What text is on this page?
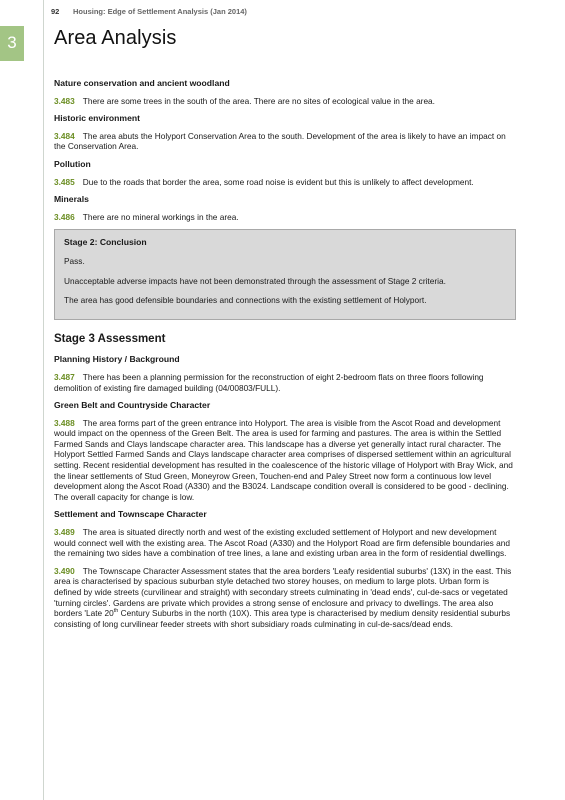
92 Housing: Edge of Settlement Analysis (Jan 2014)
3	Area Analysis
Nature conservation and ancient woodland

3.483 There are some trees in the south of the area. There are no sites of ecological value in the area.

Historic environment

3.484 The area abuts the Holyport Conservation Area to the south. Development of the area is likely to have an impact on the Conservation Area.

Pollution

3.485 Due to the roads that border the area, some road noise is evident but this is unlikely to affect development.

Minerals

3.486 There are no mineral workings in the area.

Stage 2: Conclusion

Pass.

Unacceptable adverse impacts have not been demonstrated through the assessment of Stage 2 criteria.

The area has good defensible boundaries and connections with the existing settlement of Holyport.

Stage 3 Assessment
Planning History / Background

3.487 There has been a planning permission for the reconstruction of eight 2-bedroom flats on three floors following demolition of existing fire damaged building (04/00803/FULL).

Green Belt and Countryside Character

3.488 The area forms part of the green entrance into Holyport. The area is visible from the Ascot Road and development would impact on the openness of the Green Belt. The area is used for farming and pastures. The area is within the Settled Farmed Sands and Clays landscape character area. This landscape has a diverse yet generally intact rural character. The Holyport Settled Farmed Sands and Clays landscape character area comprises of dispersed settlement within an agricultural setting. Recent residential development has resulted in the coalescence of the historic village of Holyport with Bray Wick, and the linear settlements of Stud Green, Moneyrow Green, Touchen-end and Paley Street now form a continuous low level development along the Ascot Road (A330) and the B3024. Landscape condition overall is considered to be good - declining. The overall capacity for change is low.

Settlement and Townscape Character

3.489 The area is situated directly north and west of the existing excluded settlement of Holyport and new development would connect well with the existing area. The Ascot Road (A330) and the Holyport Road are firm defensible boundaries and the remaining two sides have a combination of tree lines, a lane and existing urban area in the form of residential dwellings.

3.490 The Townscape Character Assessment states that the area borders 'Leafy residential suburbs' (13X) in the east. This area is characterised by spacious suburban style detached two storey houses, on medium to large plots. Urban form is defined by wide streets (curvilinear and straight) with secondary streets culminating in 'dead ends', cul-de-sacs or vegetated 'turning circles'. Gardens are private which provides a strong sense of enclosure and privacy to dwellings. The area also borders 'Late 20th Century Suburbs in the north (10X). This area type is characterised by medium density residential suburbs consisting of long curvilinear feeder streets with short subsidiary roads culminating in cul-de-sacs/dead ends.
